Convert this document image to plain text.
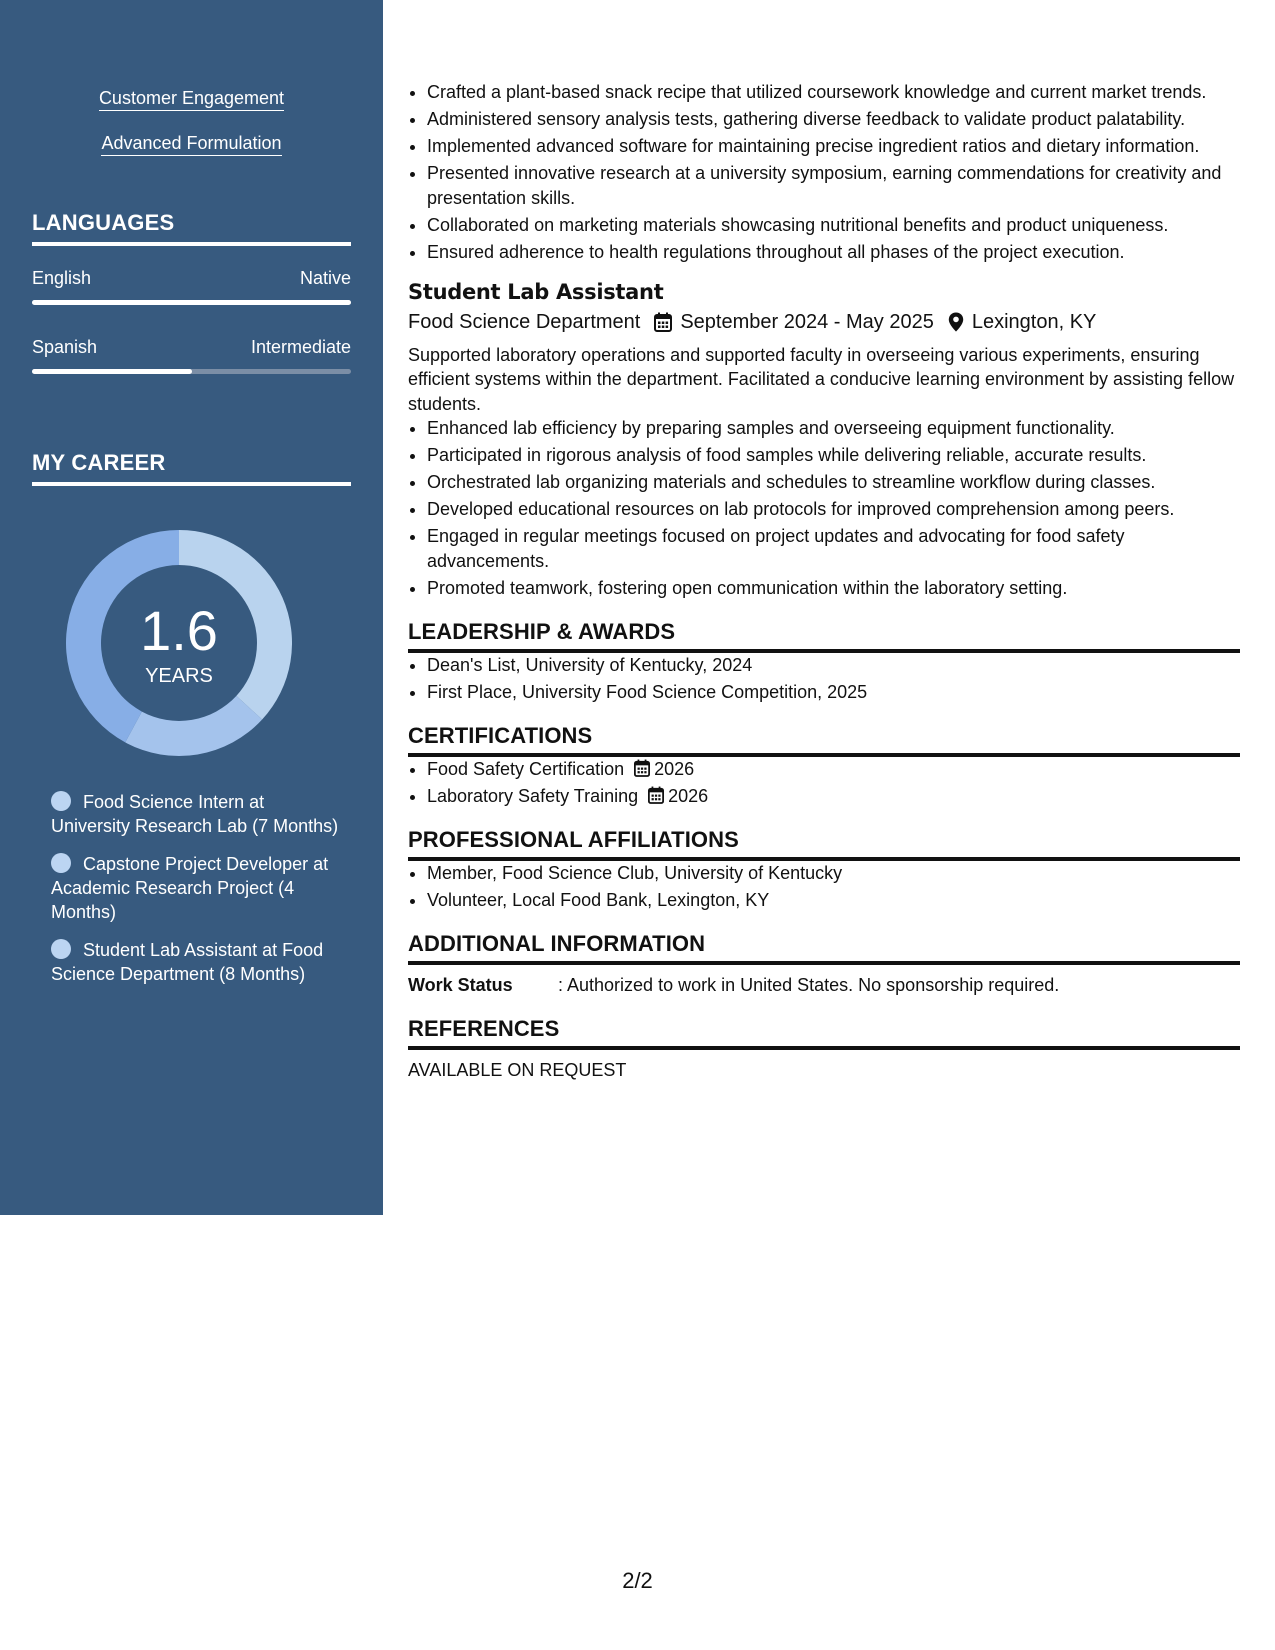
Customer Engagement
Advanced Formulation
LANGUAGES
English	Native
Spanish	Intermediate
MY CAREER
1.6
YEARS
Food Science Intern at University Research Lab (7 Months)
Capstone Project Developer at Academic Research Project (4 Months)
Student Lab Assistant at Food Science Department (8 Months)
• Crafted a plant-based snack recipe that utilized coursework knowledge and current market trends.
• Administered sensory analysis tests, gathering diverse feedback to validate product palatability.
• Implemented advanced software for maintaining precise ingredient ratios and dietary information.
• Presented innovative research at a university symposium, earning commendations for creativity and presentation skills.
• Collaborated on marketing materials showcasing nutritional benefits and product uniqueness.
• Ensured adherence to health regulations throughout all phases of the project execution.
Student Lab Assistant
Food Science Department September 2024 - May 2025 Lexington, KY
Supported laboratory operations and supported faculty in overseeing various experiments, ensuring efficient systems within the department. Facilitated a conducive learning environment by assisting fellow students.
• Enhanced lab efficiency by preparing samples and overseeing equipment functionality.
• Participated in rigorous analysis of food samples while delivering reliable, accurate results.
• Orchestrated lab organizing materials and schedules to streamline workflow during classes.
• Developed educational resources on lab protocols for improved comprehension among peers.
• Engaged in regular meetings focused on project updates and advocating for food safety advancements.
• Promoted teamwork, fostering open communication within the laboratory setting.
LEADERSHIP & AWARDS
• Dean's List, University of Kentucky, 2024
• First Place, University Food Science Competition, 2025
CERTIFICATIONS
• Food Safety Certification 2026
• Laboratory Safety Training 2026
PROFESSIONAL AFFILIATIONS
• Member, Food Science Club, University of Kentucky
• Volunteer, Local Food Bank, Lexington, KY
ADDITIONAL INFORMATION
Work Status	: Authorized to work in United States. No sponsorship required.
REFERENCES
AVAILABLE ON REQUEST
2/2
